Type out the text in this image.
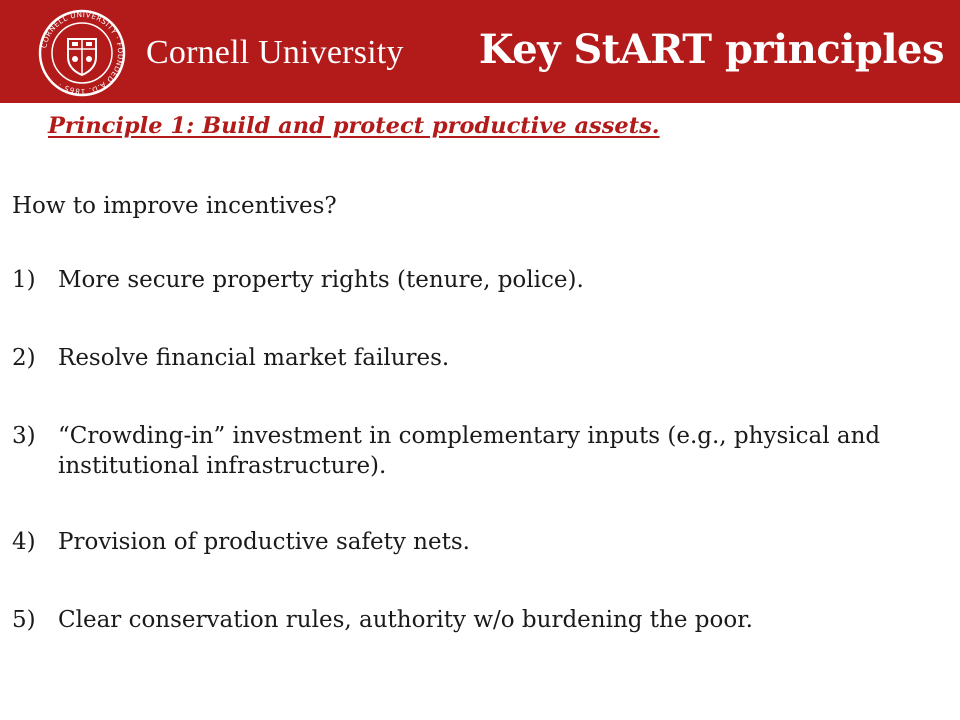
CORNELL UNIVERSITY · FOUNDED A.D. 1865 ·
Cornell University Key StART principles
Principle 1: Build and protect productive assets.
How to improve incentives?
1) More secure property rights (tenure, police).
2) Resolve financial market failures.
3) “Crowding-in” investment in complementary inputs (e.g., physical and institutional infrastructure).
4) Provision of productive safety nets.
5) Clear conservation rules, authority w/o burdening the poor.
